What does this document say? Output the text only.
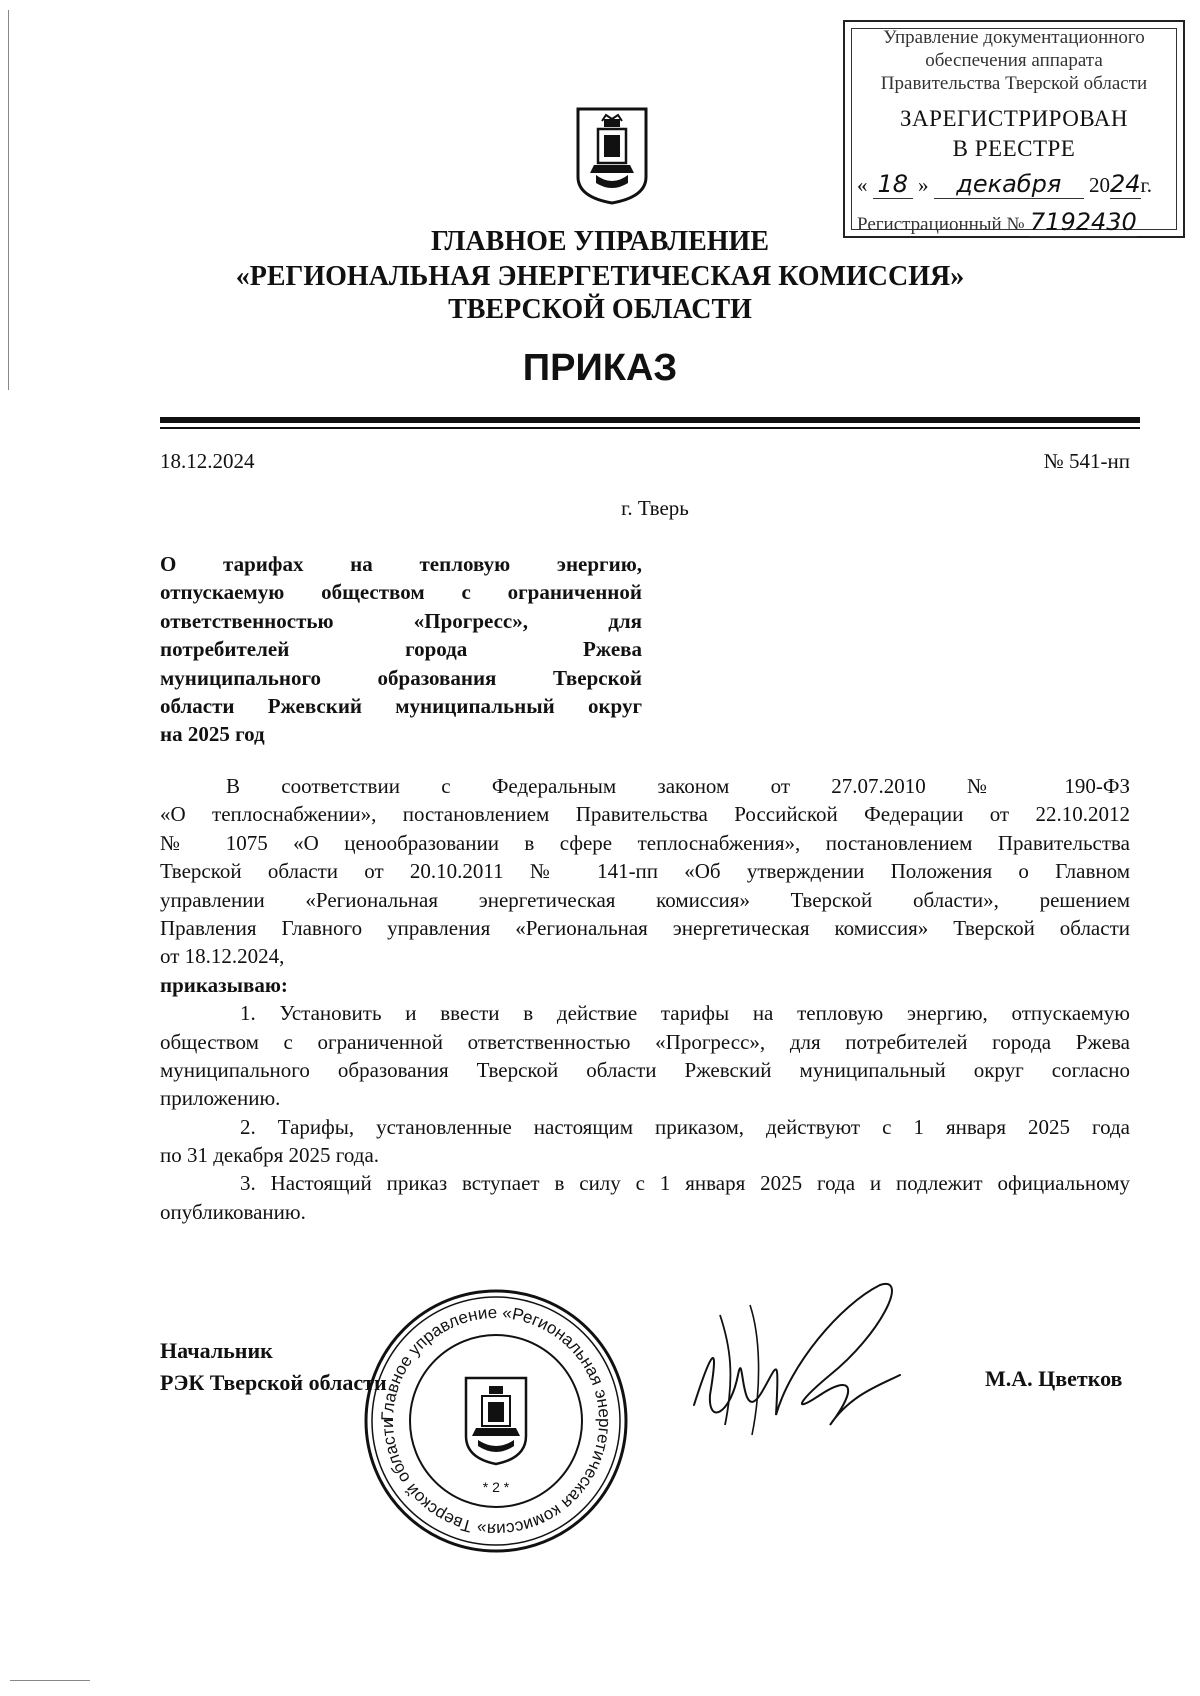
Управление документационного
обеспечения аппарата
Правительства Тверской области
ЗАРЕГИСТРИРОВАН
В РЕЕСТРЕ
« 18 » декабря 2024г.
Регистрационный № 7192430
ГЛАВНОЕ УПРАВЛЕНИЕ
«РЕГИОНАЛЬНАЯ ЭНЕРГЕТИЧЕСКАЯ КОМИССИЯ»
ТВЕРСКОЙ ОБЛАСТИ
ПРИКАЗ
18.12.2024	№ 541-нп
г. Тверь
О тарифах на тепловую энергию,
отпускаемую обществом с ограниченной
ответственностью «Прогресс», для
потребителей города Ржева
муниципального образования Тверской
области Ржевский муниципальный округ
на 2025 год
В соответствии с Федеральным законом от 27.07.2010 № 190-ФЗ
«О теплоснабжении», постановлением Правительства Российской Федерации от 22.10.2012
№ 1075 «О ценообразовании в сфере теплоснабжения», постановлением Правительства
Тверской области от 20.10.2011 № 141-пп «Об утверждении Положения о Главном
управлении «Региональная энергетическая комиссия» Тверской области», решением
Правления Главного управления «Региональная энергетическая комиссия» Тверской области
от 18.12.2024,
приказываю:
1. Установить и ввести в действие тарифы на тепловую энергию, отпускаемую
обществом с ограниченной ответственностью «Прогресс», для потребителей города Ржева
муниципального образования Тверской области Ржевский муниципальный округ согласно
приложению.
2. Тарифы, установленные настоящим приказом, действуют с 1 января 2025 года
по 31 декабря 2025 года.
3. Настоящий приказ вступает в силу с 1 января 2025 года и подлежит официальному
опубликованию.
Начальник
РЭК Тверской области	М.А. Цветков
Главное управление «Региональная энергетическая комиссия» Тверской области
* 2 *
